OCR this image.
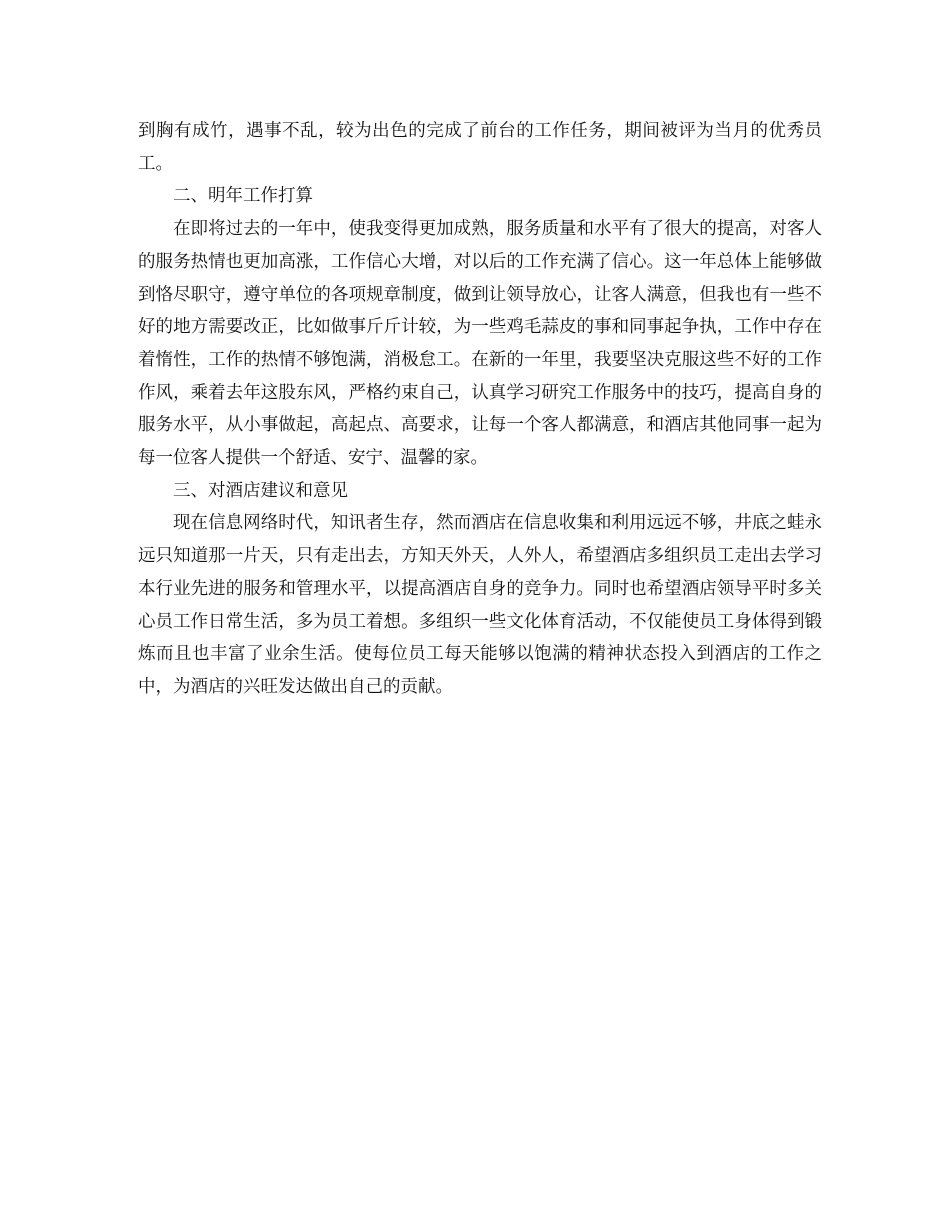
到胸有成竹，遇事不乱，较为出色的完成了前台的工作任务，期间被评为当月的优秀员工。

二、明年工作打算

在即将过去的一年中，使我变得更加成熟，服务质量和水平有了很大的提高，对客人的服务热情也更加高涨，工作信心大增，对以后的工作充满了信心。这一年总体上能够做到恪尽职守，遵守单位的各项规章制度，做到让领导放心，让客人满意，但我也有一些不好的地方需要改正，比如做事斤斤计较，为一些鸡毛蒜皮的事和同事起争执，工作中存在着惰性，工作的热情不够饱满，消极怠工。在新的一年里，我要坚决克服这些不好的工作作风，乘着去年这股东风，严格约束自己，认真学习研究工作服务中的技巧，提高自身的服务水平，从小事做起，高起点、高要求，让每一个客人都满意，和酒店其他同事一起为每一位客人提供一个舒适、安宁、温馨的家。

三、对酒店建议和意见

现在信息网络时代，知讯者生存，然而酒店在信息收集和利用远远不够，井底之蛙永远只知道那一片天，只有走出去，方知天外天，人外人，希望酒店多组织员工走出去学习本行业先进的服务和管理水平，以提高酒店自身的竞争力。同时也希望酒店领导平时多关心员工作日常生活，多为员工着想。多组织一些文化体育活动，不仅能使员工身体得到锻炼而且也丰富了业余生活。使每位员工每天能够以饱满的精神状态投入到酒店的工作之中，为酒店的兴旺发达做出自己的贡献。
